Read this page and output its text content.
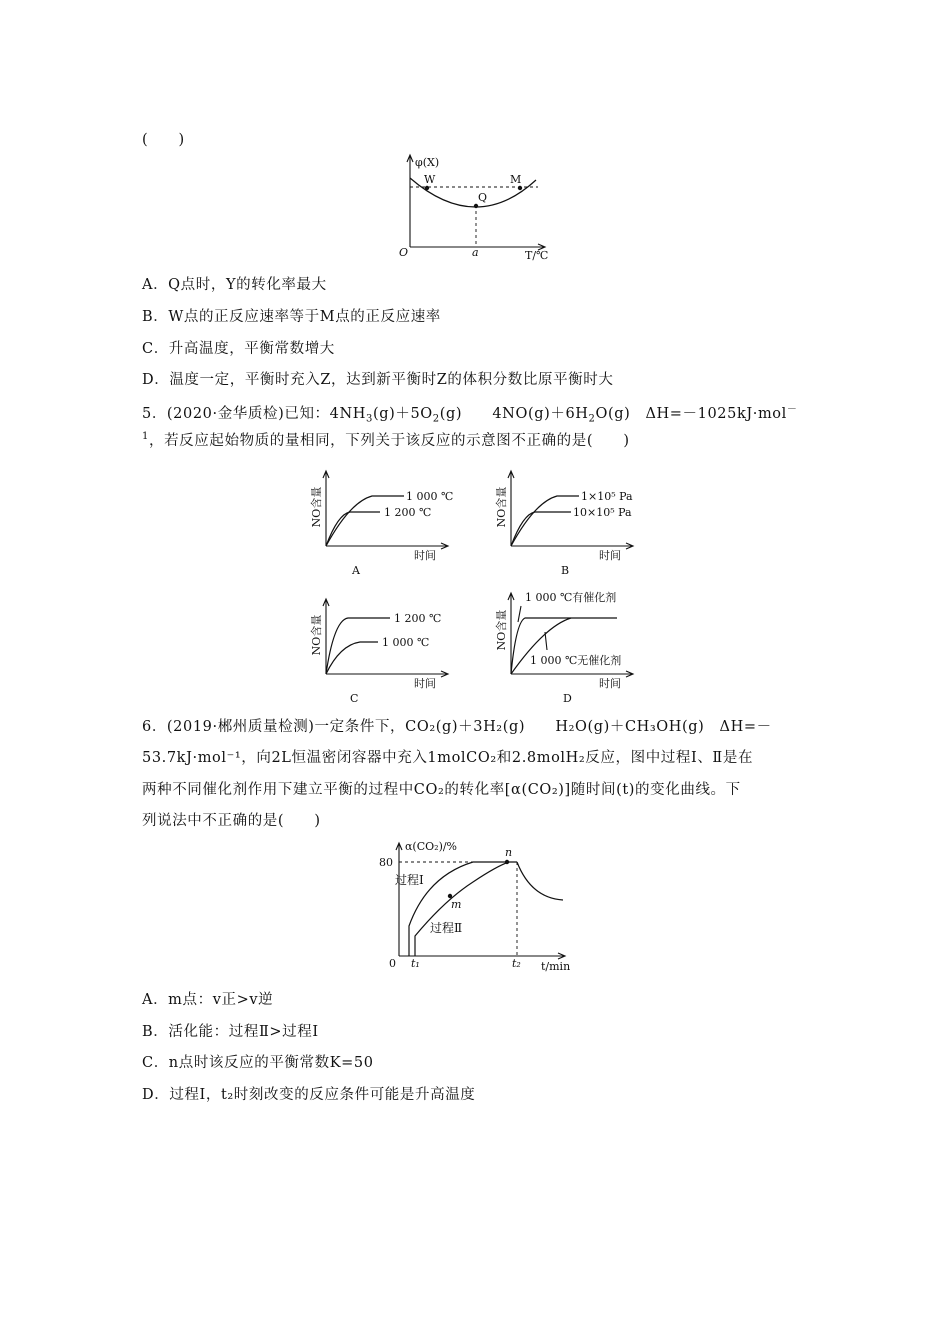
(　　)
φ(X)
O	a	T/℃
W	M
Q
A．Q点时，Y的转化率最大
B．W点的正反应速率等于M点的正反应速率
C．升高温度，平衡常数增大
D．温度一定，平衡时充入Z，达到新平衡时Z的体积分数比原平衡时大
5．(2020·金华质检)已知：$4NH_3(g)+5O_2(g)$　　$4NO(g)+6H_2O(g)$　ΔH=－1025kJ·mol－
$^1$，若反应起始物质的量相同，下列关于该反应的示意图不正确的是(　　)
NO含量
时间
1 000 ℃
1 200 ℃
A
NO含量
时间
1×10⁵ Pa
10×10⁵ Pa
B
NO含量
时间
1 200 ℃
1 000 ℃
C
NO含量
时间
1 000 ℃有催化剂
1 000 ℃无催化剂
D
6．(2019·郴州质量检测)一定条件下，CO₂(g)＋3H₂(g)　　H₂O(g)＋CH₃OH(g)　ΔH=－
53.7kJ·mol⁻¹，向2L恒温密闭容器中充入1molCO₂和2.8molH₂反应，图中过程Ⅰ、Ⅱ是在
两种不同催化剂作用下建立平衡的过程中CO₂的转化率[α(CO₂)]随时间(t)的变化曲线。下
列说法中不正确的是(　　)
α(CO₂)/%
80
0 t₁	t₂ t/min
n
m
过程Ⅰ
过程Ⅱ
A．m点：v正>v逆
B．活化能：过程Ⅱ>过程Ⅰ
C．n点时该反应的平衡常数K=50
D．过程Ⅰ，t₂时刻改变的反应条件可能是升高温度
